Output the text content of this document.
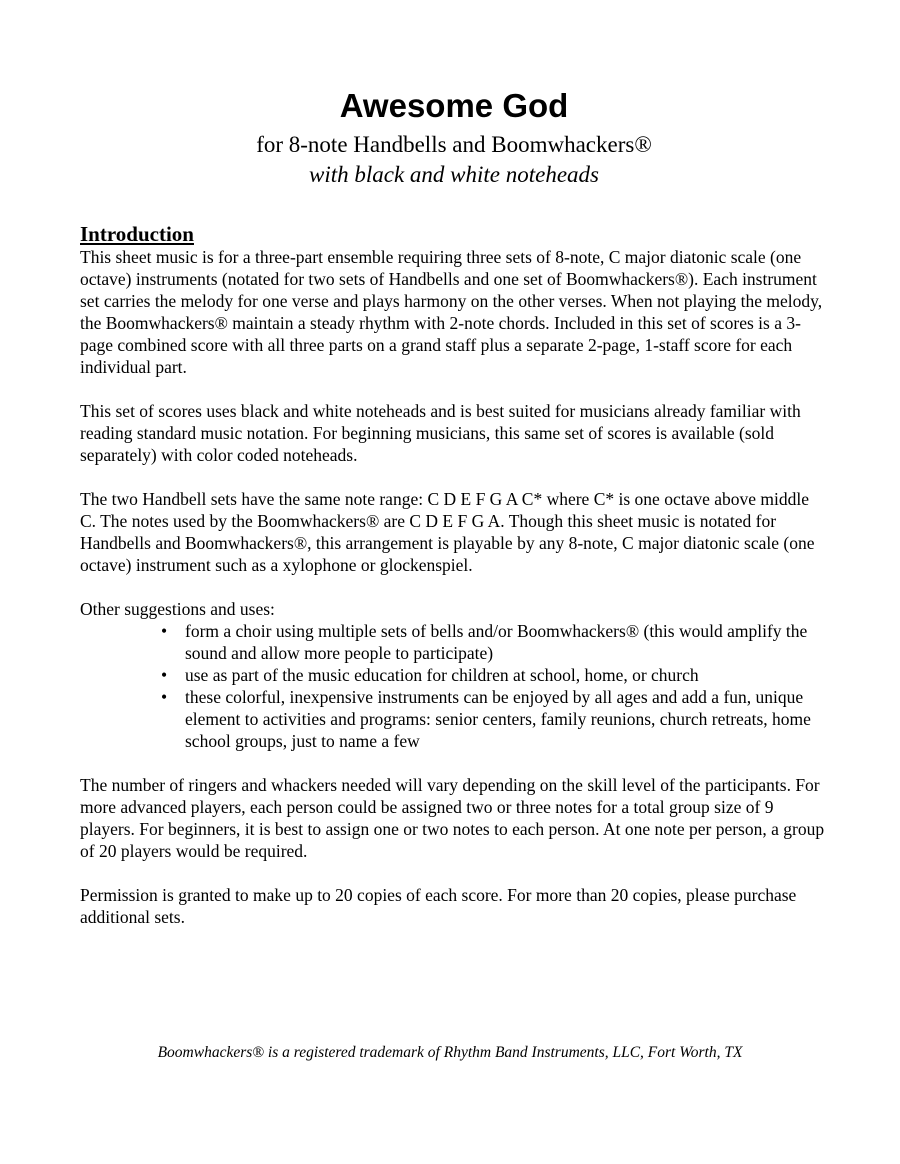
Awesome God
for 8-note Handbells and Boomwhackers®
with black and white noteheads
Introduction

This sheet music is for a three-part ensemble requiring three sets of 8-note, C major diatonic scale (one octave) instruments (notated for two sets of Handbells and one set of Boomwhackers®). Each instrument set carries the melody for one verse and plays harmony on the other verses. When not playing the melody, the Boomwhackers® maintain a steady rhythm with 2-note chords. Included in this set of scores is a 3-page combined score with all three parts on a grand staff plus a separate 2-page, 1-staff score for each individual part.

This set of scores uses black and white noteheads and is best suited for musicians already familiar with reading standard music notation. For beginning musicians, this same set of scores is available (sold separately) with color coded noteheads.

The two Handbell sets have the same note range: C D E F G A C* where C* is one octave above middle C. The notes used by the Boomwhackers® are C D E F G A. Though this sheet music is notated for Handbells and Boomwhackers®, this arrangement is playable by any 8-note, C major diatonic scale (one octave) instrument such as a xylophone or glockenspiel.

Other suggestions and uses:

• form a choir using multiple sets of bells and/or Boomwhackers® (this would amplify the sound and allow more people to participate)
• use as part of the music education for children at school, home, or church
• these colorful, inexpensive instruments can be enjoyed by all ages and add a fun, unique element to activities and programs: senior centers, family reunions, church retreats, home school groups, just to name a few

The number of ringers and whackers needed will vary depending on the skill level of the participants. For more advanced players, each person could be assigned two or three notes for a total group size of 9 players. For beginners, it is best to assign one or two notes to each person. At one note per person, a group of 20 players would be required.

Permission is granted to make up to 20 copies of each score. For more than 20 copies, please purchase additional sets.

Boomwhackers® is a registered trademark of Rhythm Band Instruments, LLC, Fort Worth, TX
